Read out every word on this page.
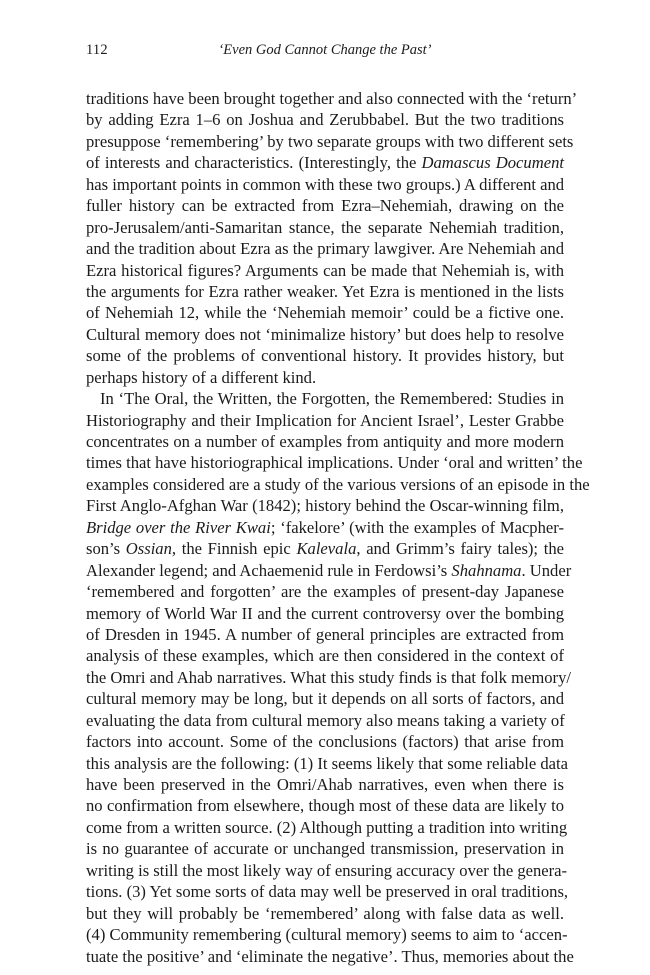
112	‘Even God Cannot Change the Past’
traditions have been brought together and also connected with the ‘return’
by adding Ezra 1–6 on Joshua and Zerubbabel. But the two traditions
presuppose ‘remembering’ by two separate groups with two different sets
of interests and characteristics. (Interestingly, the Damascus Document
has important points in common with these two groups.) A different and
fuller history can be extracted from Ezra–Nehemiah, drawing on the
pro-Jerusalem/anti-Samaritan stance, the separate Nehemiah tradition,
and the tradition about Ezra as the primary lawgiver. Are Nehemiah and
Ezra historical figures? Arguments can be made that Nehemiah is, with
the arguments for Ezra rather weaker. Yet Ezra is mentioned in the lists
of Nehemiah 12, while the ‘Nehemiah memoir’ could be a fictive one.
Cultural memory does not ‘minimalize history’ but does help to resolve
some of the problems of conventional history. It provides history, but
perhaps history of a different kind.
In ‘The Oral, the Written, the Forgotten, the Remembered: Studies in
Historiography and their Implication for Ancient Israel’, Lester Grabbe
concentrates on a number of examples from antiquity and more modern
times that have historiographical implications. Under ‘oral and written’ the
examples considered are a study of the various versions of an episode in the
First Anglo-Afghan War (1842); history behind the Oscar-winning film,
Bridge over the River Kwai; ‘fakelore’ (with the examples of Macpher-
son’s Ossian, the Finnish epic Kalevala, and Grimm’s fairy tales); the
Alexander legend; and Achaemenid rule in Ferdowsi’s Shahnama. Under
‘remembered and forgotten’ are the examples of present-day Japanese
memory of World War II and the current controversy over the bombing
of Dresden in 1945. A number of general principles are extracted from
analysis of these examples, which are then considered in the context of
the Omri and Ahab narratives. What this study finds is that folk memory/
cultural memory may be long, but it depends on all sorts of factors, and
evaluating the data from cultural memory also means taking a variety of
factors into account. Some of the conclusions (factors) that arise from
this analysis are the following: (1) It seems likely that some reliable data
have been preserved in the Omri/Ahab narratives, even when there is
no confirmation from elsewhere, though most of these data are likely to
come from a written source. (2) Although putting a tradition into writing
is no guarantee of accurate or unchanged transmission, preservation in
writing is still the most likely way of ensuring accuracy over the genera-
tions. (3) Yet some sorts of data may well be preserved in oral traditions,
but they will probably be ‘remembered’ along with false data as well.
(4) Community remembering (cultural memory) seems to aim to ‘accen-
tuate the positive’ and ‘eliminate the negative’. Thus, memories about the
